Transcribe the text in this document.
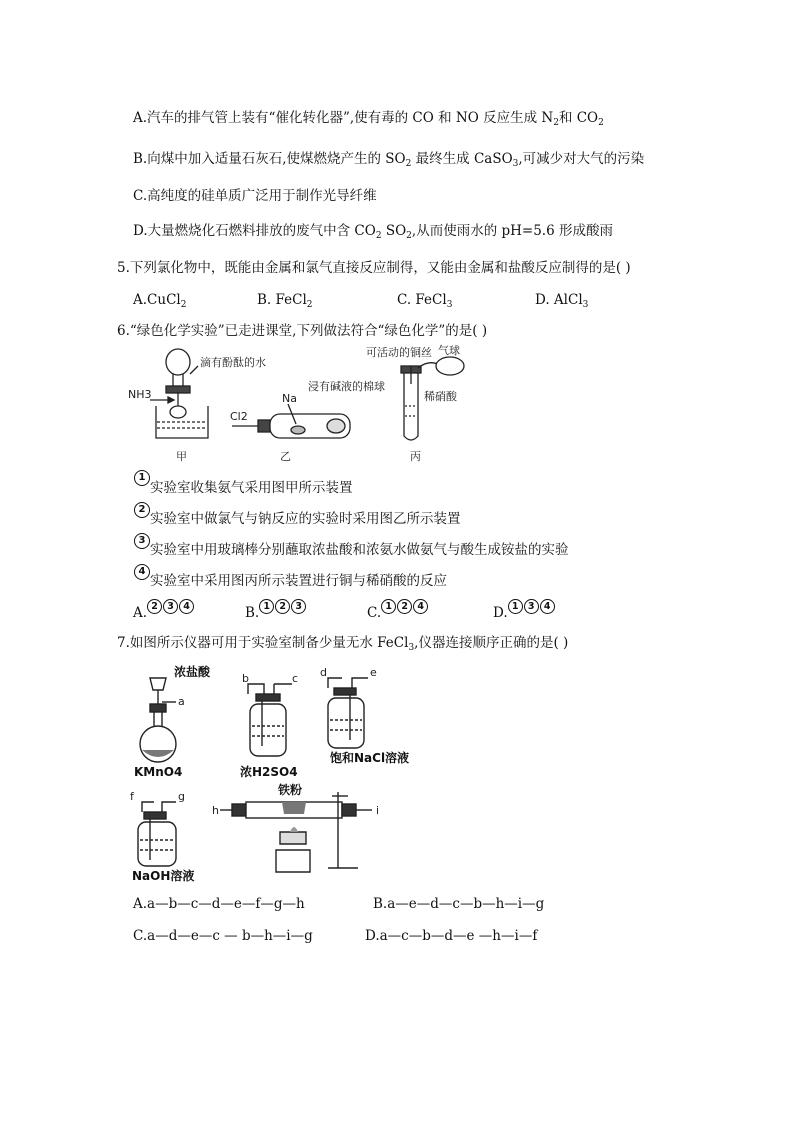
A.汽车的排气管上装有“催化转化器”,使有毒的 CO 和 NO 反应生成 $N_2$和 $CO_2$
B.向煤中加入适量石灰石,使煤燃烧产生的 $SO_2$ 最终生成 CaSO$_3$,可减少对大气的污染
C.高纯度的硅单质广泛用于制作光导纤维
D.大量燃烧化石燃料排放的废气中含 $CO_2$ $SO_2$,从而使雨水的 pH=5.6 形成酸雨
5.下列氯化物中，既能由金属和氯气直接反应制得，又能由金属和盐酸反应制得的是( )
A.CuCl$_2$	B. FeCl$_2$	C. FeCl$_3$	D. AlCl$_3$
6.“绿色化学实验”已走进课堂,下列做法符合“绿色化学”的是( )
NH3
滴有酚酞的水
甲
Cl2
Na
浸有碱液的棉球
乙
可活动的铜丝 气球
稀硝酸
丙
1
实验室收集氨气采用图甲所示装置
2
实验室中做氯气与钠反应的实验时采用图乙所示装置
3
实验室中用玻璃棒分别蘸取浓盐酸和浓氨水做氨气与酸生成铵盐的实验
4
实验室中采用图丙所示装置进行铜与稀硝酸的反应
A. 2 3 4	B. 1 2 3	C. 1 2 4	D. 1 3 4
7.如图所示仪器可用于实验室制备少量无水 FeCl$_3$,仪器连接顺序正确的是( )
浓盐酸
a
KMnO4
b	c
浓H2SO4
d	e
饱和NaCl溶液
f	g
NaOH溶液
h
铁粉
i
A.a—b—c—d—e—f—g—h	B.a—e—d—c—b—h—i—g
C.a—d—e—c — b—h—i—g	D.a—c—b—d—e —h—i—f
